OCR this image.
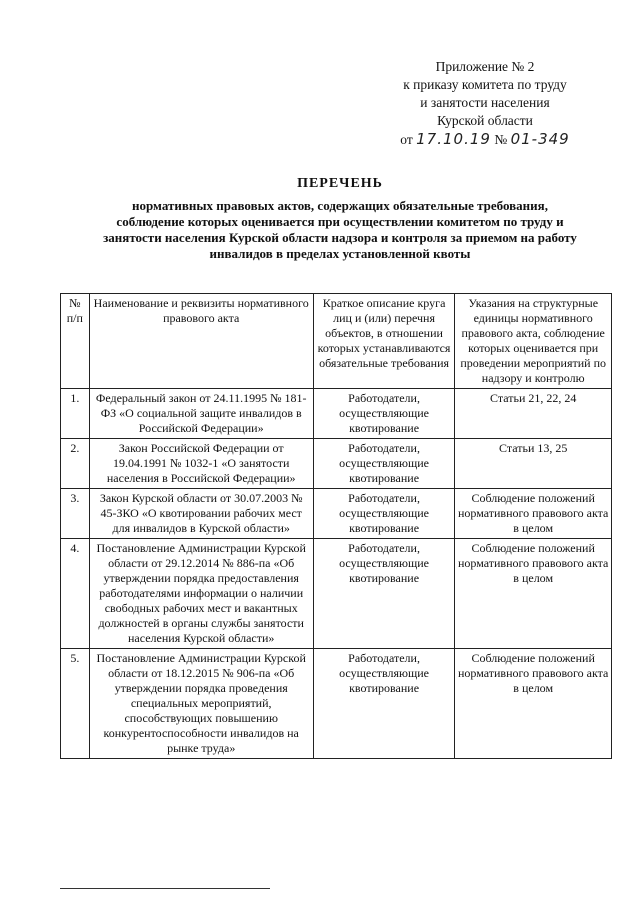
Приложение № 2
к приказу комитета по труду
и занятости населения
Курской области
от 17.10.19 № 01-349
ПЕРЕЧЕНЬ
нормативных правовых актов, содержащих обязательные требования, соблюдение которых оценивается при осуществлении комитетом по труду и занятости населения Курской области надзора и контроля за приемом на работу инвалидов в пределах установленной квоты
№ п/п	Наименование и реквизиты нормативного правового акта	Краткое описание круга лиц и (или) перечня объектов, в отношении которых устанавливаются обязательные требования	Указания на структурные единицы нормативного правового акта, соблюдение которых оценивается при проведении мероприятий по надзору и контролю
1.	Федеральный закон от 24.11.1995 № 181-ФЗ «О социальной защите инвалидов в Российской Федерации»	Работодатели, осуществляющие квотирование	Статьи 21, 22, 24
2.	Закон Российской Федерации от 19.04.1991 № 1032-1 «О занятости населения в Российской Федерации»	Работодатели, осуществляющие квотирование	Статьи 13, 25
3.	Закон Курской области от 30.07.2003 № 45-ЗКО «О квотировании рабочих мест для инвалидов в Курской области»	Работодатели, осуществляющие квотирование	Соблюдение положений нормативного правового акта в целом
4.	Постановление Администрации Курской области от 29.12.2014 № 886-па «Об утверждении порядка предоставления работодателями информации о наличии свободных рабочих мест и вакантных должностей в органы службы занятости населения Курской области»	Работодатели, осуществляющие квотирование	Соблюдение положений нормативного правового акта в целом
5.	Постановление Администрации Курской области от 18.12.2015 № 906-па «Об утверждении порядка проведения специальных мероприятий, способствующих повышению конкурентоспособности инвалидов на рынке труда»	Работодатели, осуществляющие квотирование	Соблюдение положений нормативного правового акта в целом
